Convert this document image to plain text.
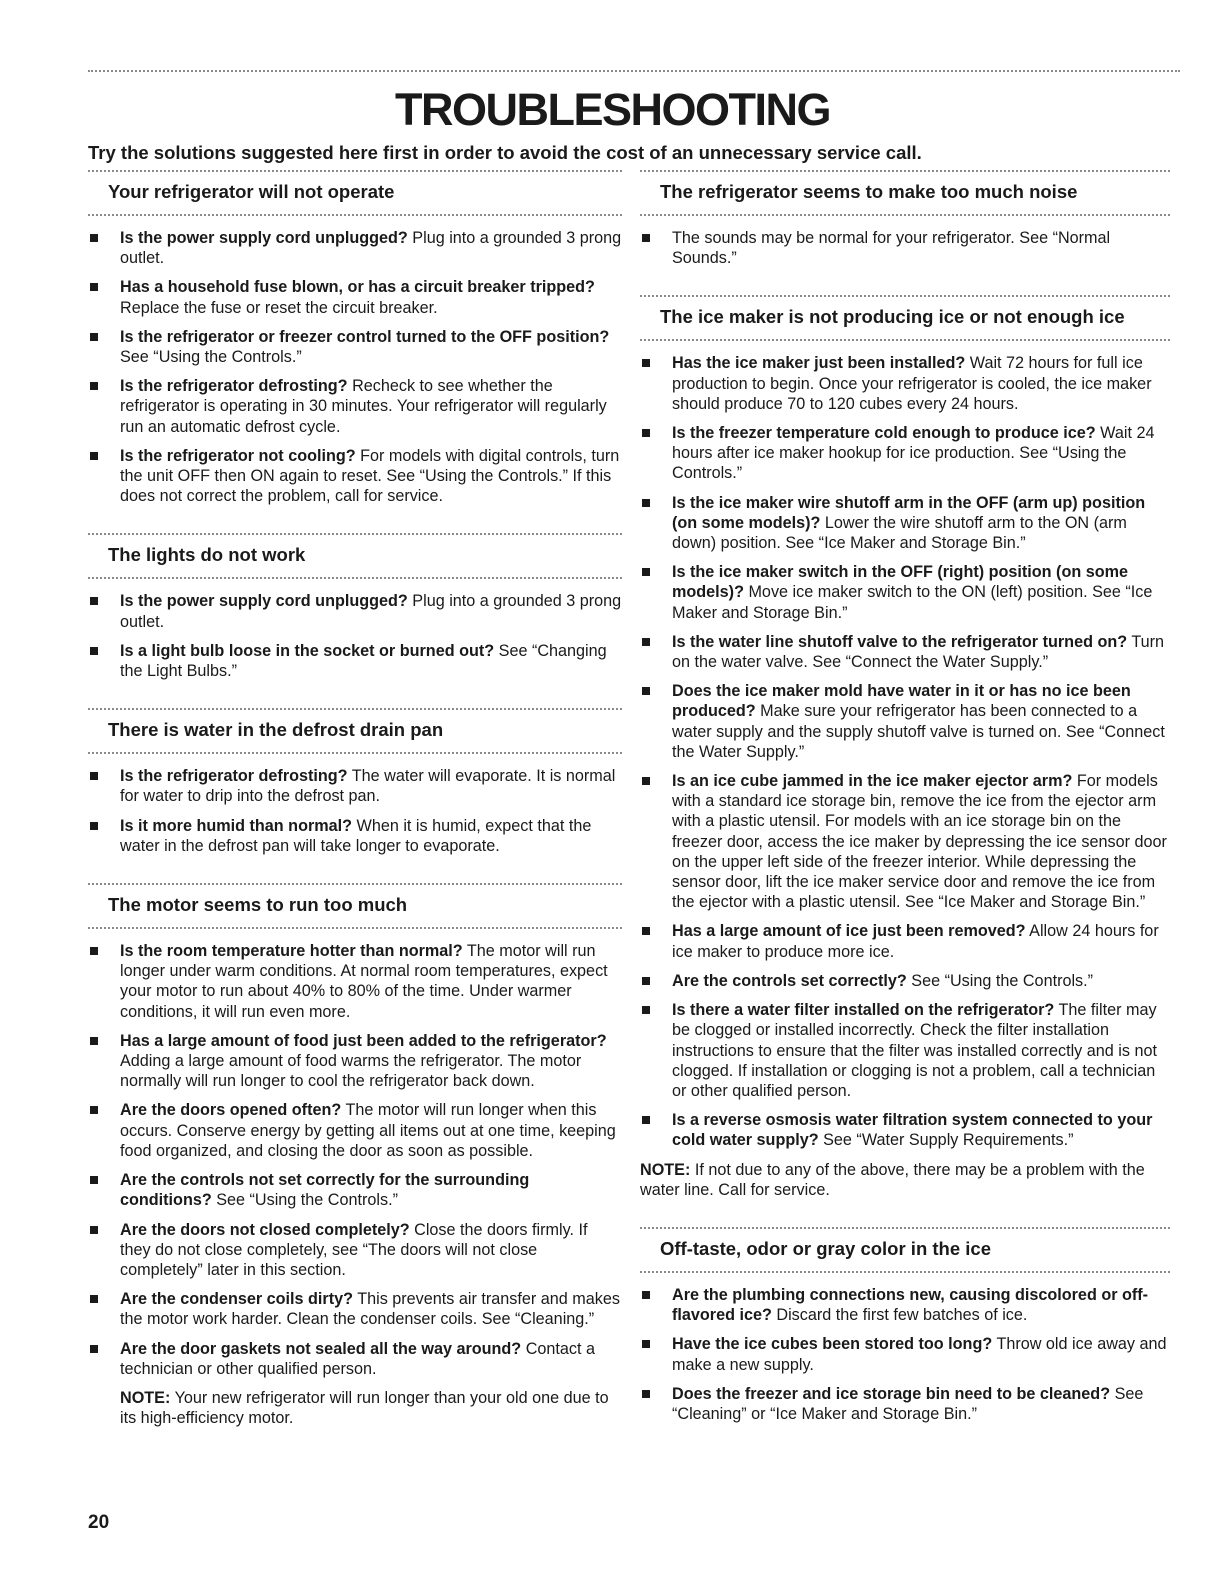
TROUBLESHOOTING

Try the solutions suggested here first in order to avoid the cost of an unnecessary service call.

Your refrigerator will not operate
Is the power supply cord unplugged? Plug into a grounded 3 prong outlet.
Has a household fuse blown, or has a circuit breaker tripped? Replace the fuse or reset the circuit breaker.
Is the refrigerator or freezer control turned to the OFF position? See “Using the Controls.”
Is the refrigerator defrosting? Recheck to see whether the refrigerator is operating in 30 minutes. Your refrigerator will regularly run an automatic defrost cycle.
Is the refrigerator not cooling? For models with digital controls, turn the unit OFF then ON again to reset. See “Using the Controls.” If this does not correct the problem, call for service.
The lights do not work
Is the power supply cord unplugged? Plug into a grounded 3 prong outlet.
Is a light bulb loose in the socket or burned out? See “Changing the Light Bulbs.”
There is water in the defrost drain pan
Is the refrigerator defrosting? The water will evaporate. It is normal for water to drip into the defrost pan.
Is it more humid than normal? When it is humid, expect that the water in the defrost pan will take longer to evaporate.
The motor seems to run too much
Is the room temperature hotter than normal? The motor will run longer under warm conditions. At normal room temperatures, expect your motor to run about 40% to 80% of the time. Under warmer conditions, it will run even more.
Has a large amount of food just been added to the refrigerator? Adding a large amount of food warms the refrigerator. The motor normally will run longer to cool the refrigerator back down.
Are the doors opened often? The motor will run longer when this occurs. Conserve energy by getting all items out at one time, keeping food organized, and closing the door as soon as possible.
Are the controls not set correctly for the surrounding conditions? See “Using the Controls.”
Are the doors not closed completely? Close the doors firmly. If they do not close completely, see “The doors will not close completely” later in this section.
Are the condenser coils dirty? This prevents air transfer and makes the motor work harder. Clean the condenser coils. See “Cleaning.”
Are the door gaskets not sealed all the way around? Contact a technician or other qualified person.

NOTE: Your new refrigerator will run longer than your old one due to its high-efficiency motor.

The refrigerator seems to make too much noise
The sounds may be normal for your refrigerator. See “Normal Sounds.”
The ice maker is not producing ice or not enough ice
Has the ice maker just been installed? Wait 72 hours for full ice production to begin. Once your refrigerator is cooled, the ice maker should produce 70 to 120 cubes every 24 hours.
Is the freezer temperature cold enough to produce ice? Wait 24 hours after ice maker hookup for ice production. See “Using the Controls.”
Is the ice maker wire shutoff arm in the OFF (arm up) position (on some models)? Lower the wire shutoff arm to the ON (arm down) position. See “Ice Maker and Storage Bin.”
Is the ice maker switch in the OFF (right) position (on some models)? Move ice maker switch to the ON (left) position. See “Ice Maker and Storage Bin.”
Is the water line shutoff valve to the refrigerator turned on? Turn on the water valve. See “Connect the Water Supply.”
Does the ice maker mold have water in it or has no ice been produced? Make sure your refrigerator has been connected to a water supply and the supply shutoff valve is turned on. See “Connect the Water Supply.”
Is an ice cube jammed in the ice maker ejector arm? For models with a standard ice storage bin, remove the ice from the ejector arm with a plastic utensil. For models with an ice storage bin on the freezer door, access the ice maker by depressing the ice sensor door on the upper left side of the freezer interior. While depressing the sensor door, lift the ice maker service door and remove the ice from the ejector with a plastic utensil. See “Ice Maker and Storage Bin.”
Has a large amount of ice just been removed? Allow 24 hours for ice maker to produce more ice.
Are the controls set correctly? See “Using the Controls.”
Is there a water filter installed on the refrigerator? The filter may be clogged or installed incorrectly. Check the filter installation instructions to ensure that the filter was installed correctly and is not clogged. If installation or clogging is not a problem, call a technician or other qualified person.
Is a reverse osmosis water filtration system connected to your cold water supply? See “Water Supply Requirements.”

NOTE: If not due to any of the above, there may be a problem with the water line. Call for service.

Off-taste, odor or gray color in the ice
Are the plumbing connections new, causing discolored or off-flavored ice? Discard the first few batches of ice.
Have the ice cubes been stored too long? Throw old ice away and make a new supply.
Does the freezer and ice storage bin need to be cleaned? See “Cleaning” or “Ice Maker and Storage Bin.”

20
